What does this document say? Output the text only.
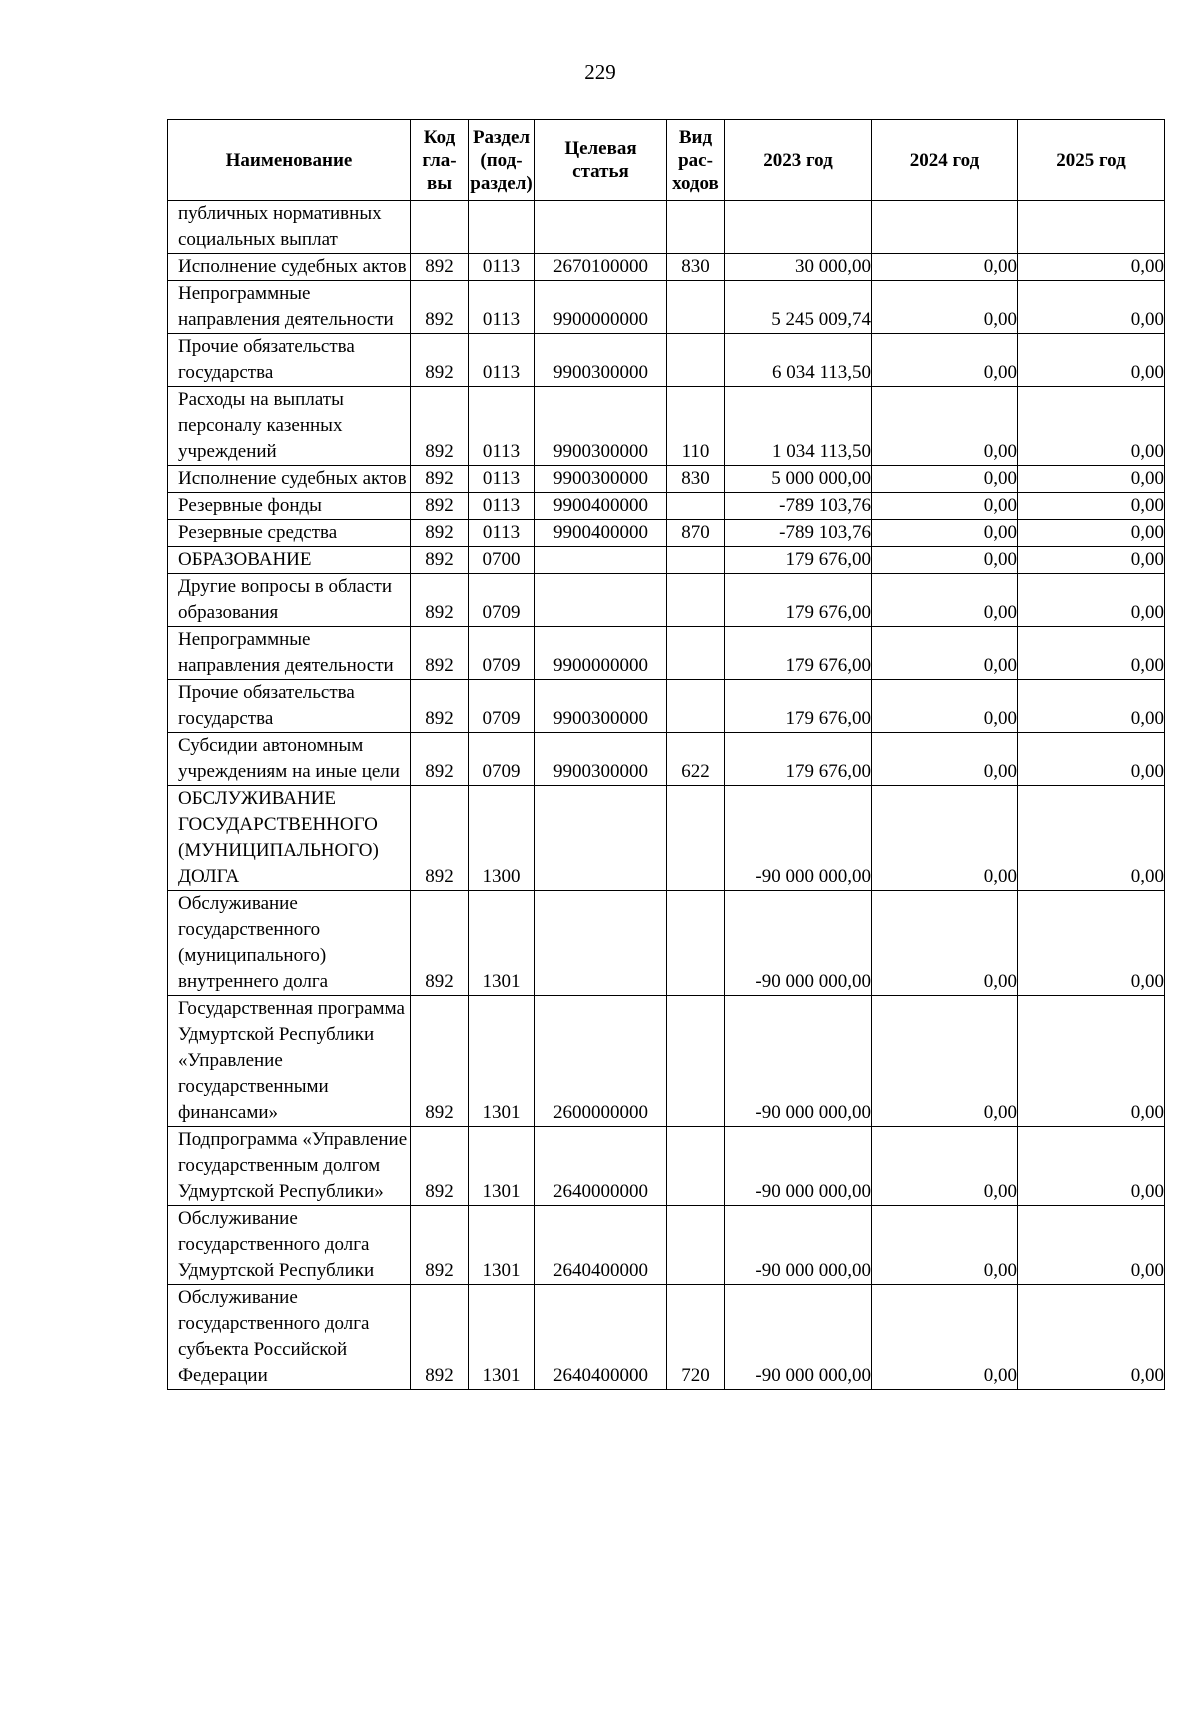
229
Наименование	Код гла-вы	Раздел (под-раздел)	Целевая статья	Вид рас-ходов	2023 год	2024 год	2025 год
публичных нормативных социальных выплат							
Исполнение судебных актов	892	0113	2670100000	830	30 000,00	0,00	0,00
Непрограммные направления деятельности	892	0113	9900000000		5 245 009,74	0,00	0,00
Прочие обязательства государства	892	0113	9900300000		6 034 113,50	0,00	0,00
Расходы на выплаты персоналу казенных учреждений	892	0113	9900300000	110	1 034 113,50	0,00	0,00
Исполнение судебных актов	892	0113	9900300000	830	5 000 000,00	0,00	0,00
Резервные фонды	892	0113	9900400000		-789 103,76	0,00	0,00
Резервные средства	892	0113	9900400000	870	-789 103,76	0,00	0,00
ОБРАЗОВАНИЕ	892	0700			179 676,00	0,00	0,00
Другие вопросы в области образования	892	0709			179 676,00	0,00	0,00
Непрограммные направления деятельности	892	0709	9900000000		179 676,00	0,00	0,00
Прочие обязательства государства	892	0709	9900300000		179 676,00	0,00	0,00
Субсидии автономным учреждениям на иные цели	892	0709	9900300000	622	179 676,00	0,00	0,00
ОБСЛУЖИВАНИЕ ГОСУДАРСТВЕННОГО (МУНИЦИПАЛЬНОГО) ДОЛГА	892	1300			-90 000 000,00	0,00	0,00
Обслуживание государственного (муниципального) внутреннего долга	892	1301			-90 000 000,00	0,00	0,00
Государственная программа Удмуртской Республики «Управление государственными финансами»	892	1301	2600000000		-90 000 000,00	0,00	0,00
Подпрограмма «Управление государственным долгом Удмуртской Республики»	892	1301	2640000000		-90 000 000,00	0,00	0,00
Обслуживание государственного долга Удмуртской Республики	892	1301	2640400000		-90 000 000,00	0,00	0,00
Обслуживание государственного долга субъекта Российской Федерации	892	1301	2640400000	720	-90 000 000,00	0,00	0,00
